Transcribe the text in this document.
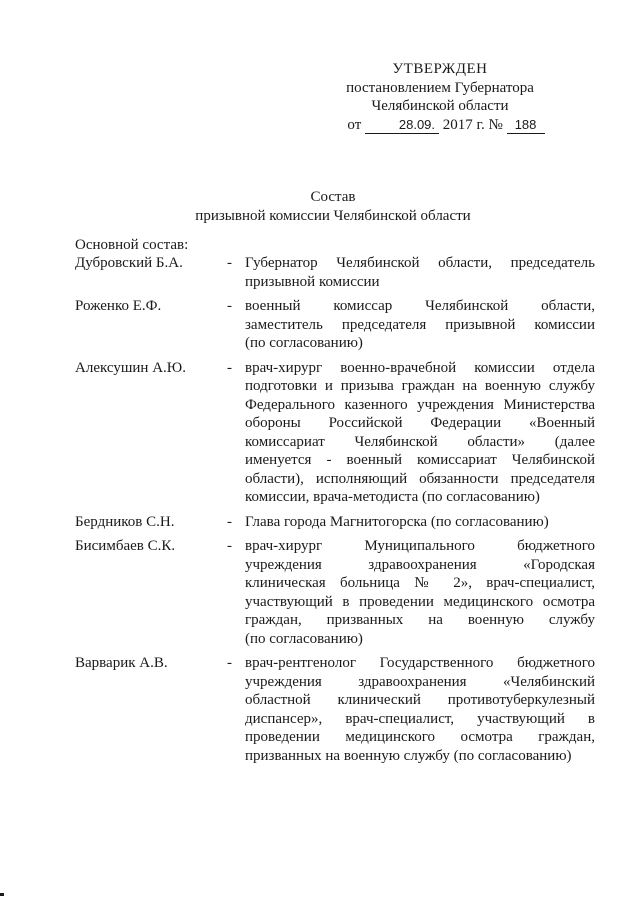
УТВЕРЖДЕН
постановлением Губернатора
Челябинской области
от	28.09. 2017 г. № 188
Состав
призывной комиссии Челябинской области
Основной состав:
Дубровский Б.А.	- Губернатор Челябинской области, председатель
призывной комиссии
Роженко Е.Ф.	- военный комиссар Челябинской области,
заместитель председателя призывной комиссии
(по согласованию)
Алексушин А.Ю.	- врач-хирург военно-врачебной комиссии отдела
подготовки и призыва граждан на военную службу
Федерального казенного учреждения Министерства
обороны Российской Федерации «Военный
комиссариат Челябинской области» (далее
именуется - военный комиссариат Челябинской
области), исполняющий обязанности председателя
комиссии, врача-методиста (по согласованию)
Бердников С.Н.	- Глава города Магнитогорска (по согласованию)
Бисимбаев С.К.	- врач-хирург Муниципального бюджетного
учреждения здравоохранения «Городская
клиническая больница № 2», врач-специалист,
участвующий в проведении медицинского осмотра
граждан, призванных на военную службу
(по согласованию)
Варварик А.В.	- врач-рентгенолог Государственного бюджетного
учреждения здравоохранения «Челябинский
областной клинический противотуберкулезный
диспансер», врач-специалист, участвующий в
проведении медицинского осмотра граждан,
призванных на военную службу (по согласованию)
